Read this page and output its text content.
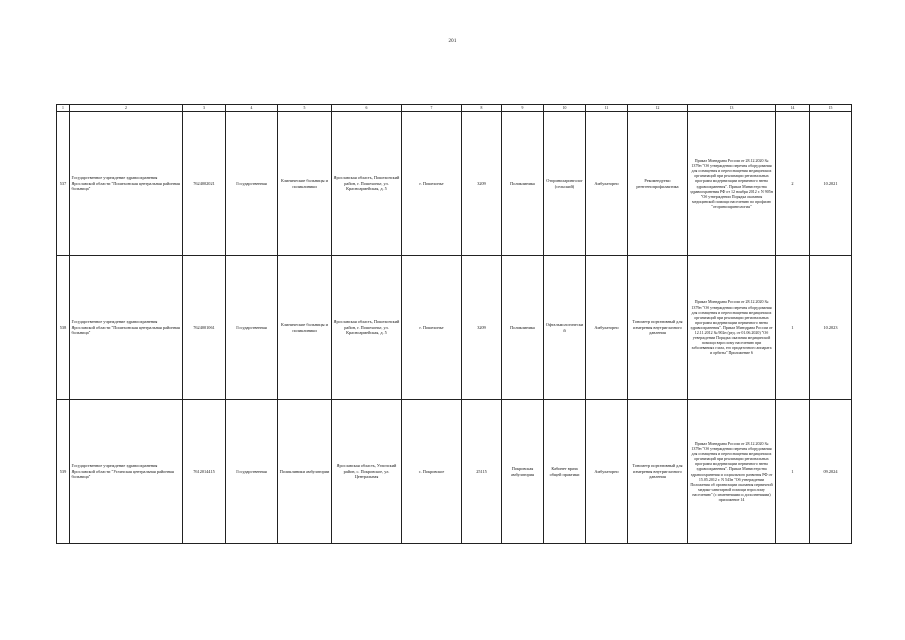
201
1	2	3	4	5	6	7	8	9	10	11	12	13	14	15
537	Государственное учреждение здравоохранения Ярославской области "Пошехонская центральная районная больница"	7624002021	Государственная	Клинические больницы и поликлиники	Ярославская область, Пошехонский район, г. Пошехонье, ул. Красноармейская, д. 5	г. Пошехонье	3209	Поликлиника	Оториноларинголог (сельский)	Амбулаторно	Рекомендуемо рентгенопрофилактика	Приказ Минздрава России от 28.12.2020 № 1379н "Об утверждении перечня оборудования для оснащения и переоснащения медицинских организаций при реализации региональных программ модернизации первичного звена здравоохранения". Приказ Министерства здравоохранения РФ от 12 ноября 2012 г. N 905н "Об утверждении Порядка оказания медицинской помощи населению по профилю "оториноларингология"	2	10.2021
538	Государственное учреждение здравоохранения Ярославской области "Пошехонская центральная районная больница"	7624001061	Государственная	Клинические больницы и поликлиники	Ярославская область, Пошехонский район, г. Пошехонье, ул. Красноармейская, д. 5	г. Пошехонье	3209	Поликлиника	Офтальмологический	Амбулаторно	Тонометр портативный для измерения внутриглазного давления	Приказ Минздрава России от 28.12.2020 № 1379н "Об утверждении перечня оборудования для оснащения и переоснащения медицинских организаций при реализации региональных программ модернизации первичного звена здравоохранения". Приказ Минздрава России от 12.11.2012 № 902н (ред. от 01.06.2020) "Об утверждении Порядка оказания медицинской помощи взрослому населению при заболеваниях глаза, его придаточного аппарата и орбиты" Приложение 6	1	10.2023
539	Государственное учреждение здравоохранения Ярославской области "Угличская центральная районная больница"	7612014415	Государственная	Поликлиники амбулатории	Ярославская область, Угличский район, с. Покровское, ул. Центральная	с. Покровское	25115	Покровская амбулатория	Кабинет врача общей практики	Амбулаторно	Тонометр портативный для измерения внутриглазного давления	Приказ Минздрава России от 28.12.2020 № 1379н "Об утверждении перечня оборудования для оснащения и переоснащения медицинских организаций при реализации региональных программ модернизации первичного звена здравоохранения". Приказ Министерства здравоохранения и социального развития РФ от 15.05.2012 г. N 543н "Об утверждении Положения об организации оказания первичной медико-санитарной помощи взрослому населению" (с изменениями и дополнениями) приложение 14	1	09.2024
